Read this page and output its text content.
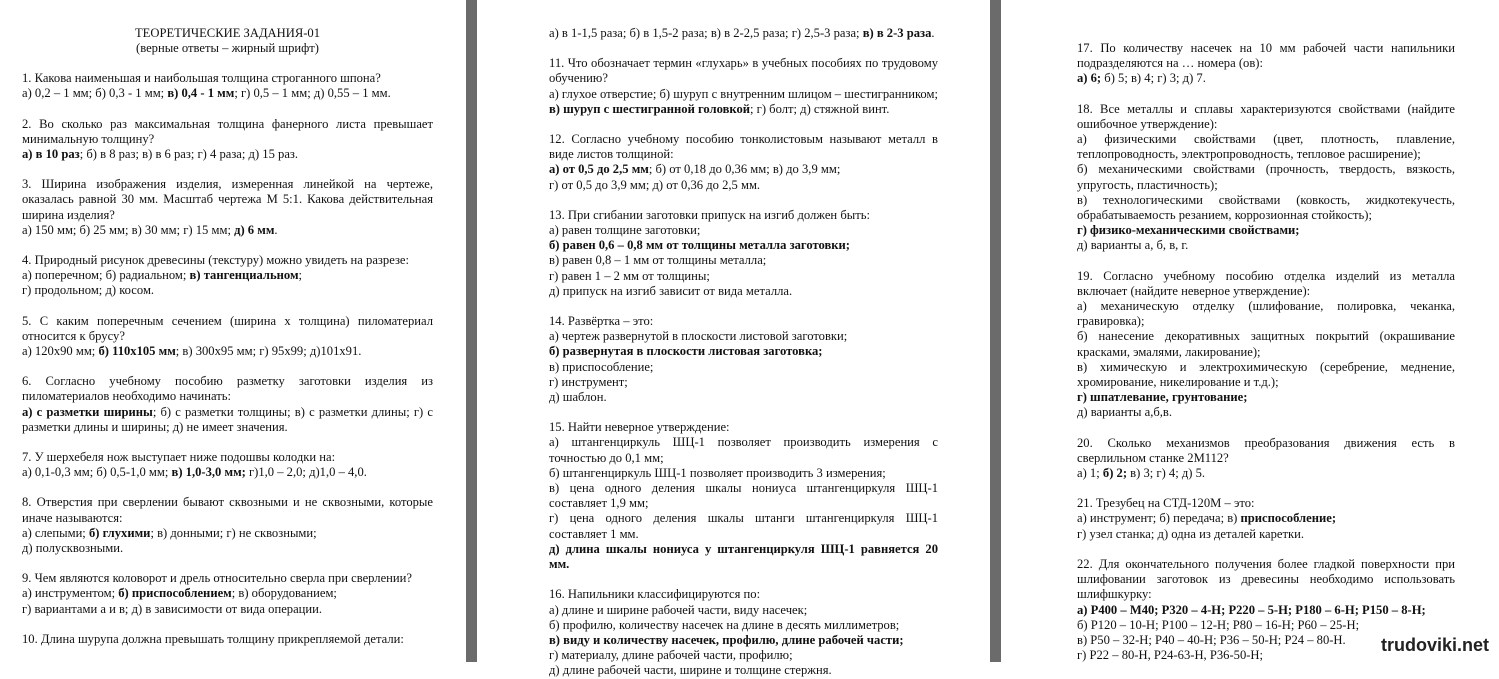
ТЕОРЕТИЧЕСКИЕ ЗАДАНИЯ-01
(верные ответы – жирный шрифт)

1. Какова наименьшая и наибольшая толщина строганного шпона?

а) 0,2 – 1 мм; б) 0,3 - 1 мм; в) 0,4 - 1 мм; г) 0,5 – 1 мм; д) 0,55 – 1 мм.

2. Во сколько раз максимальная толщина фанерного листа превышает минимальную толщину?

а) в 10 раз; б) в 8 раз; в) в 6 раз; г) 4 раза; д) 15 раз.

3. Ширина изображения изделия, измеренная линейкой на чертеже, оказалась равной 30 мм. Масштаб чертежа М 5:1. Какова действительная ширина изделия?

а) 150 мм; б) 25 мм; в) 30 мм; г) 15 мм; д) 6 мм.

4. Природный рисунок древесины (текстуру) можно увидеть на разрезе:

а) поперечном; б) радиальном; в) тангенциальном;

г) продольном; д) косом.

5. С каким поперечным сечением (ширина х толщина) пиломатериал относится к брусу?

а) 120х90 мм; б) 110х105 мм; в) 300х95 мм; г) 95х99; д)101х91.

6. Согласно учебному пособию разметку заготовки изделия из пиломатериалов необходимо начинать:

а) с разметки ширины; б) с разметки толщины; в) с разметки длины; г) с разметки длины и ширины; д) не имеет значения.

7. У шерхебеля нож выступает ниже подошвы колодки на:

а) 0,1-0,3 мм; б) 0,5-1,0 мм; в) 1,0-3,0 мм; г)1,0 – 2,0; д)1,0 – 4,0.

8. Отверстия при сверлении бывают сквозными и не сквозными, которые иначе называются:

а) слепыми; б) глухими; в) донными; г) не сквозными;

д) полусквозными.

9. Чем являются коловорот и дрель относительно сверла при сверлении?

а) инструментом; б) приспособлением; в) оборудованием;

г) вариантами а и в; д) в зависимости от вида операции.

10. Длина шурупа должна превышать толщину прикрепляемой детали:

а) в 1-1,5 раза; б) в 1,5-2 раза; в) в 2-2,5 раза; г) 2,5-3 раза; в) в 2-3 раза.

11. Что обозначает термин «глухарь» в учебных пособиях по трудовому обучению?

а) глухое отверстие; б) шуруп с внутренним шлицом – шестигранником;

в) шуруп с шестигранной головкой; г) болт; д) стяжной винт.

12. Согласно учебному пособию тонколистовым называют металл в виде листов толщиной:

а) от 0,5 до 2,5 мм; б) от 0,18 до 0,36 мм; в) до 3,9 мм;

г) от 0,5 до 3,9 мм; д) от 0,36 до 2,5 мм.

13. При сгибании заготовки припуск на изгиб должен быть:

а) равен толщине заготовки;

б) равен 0,6 – 0,8 мм от толщины металла заготовки;

в) равен 0,8 – 1 мм от толщины металла;

г) равен 1 – 2 мм от толщины;

д) припуск на изгиб зависит от вида металла.

14. Развёртка – это:

а) чертеж развернутой в плоскости листовой заготовки;

б) развернутая в плоскости листовая заготовка;

в) приспособление;

г) инструмент;

д) шаблон.

15. Найти неверное утверждение:

а) штангенциркуль ШЦ-1 позволяет производить измерения с точностью до 0,1 мм;

б) штангенциркуль ШЦ-1 позволяет производить 3 измерения;

в) цена одного деления шкалы нониуса штангенциркуля ШЦ-1 составляет 1,9 мм;

г) цена одного деления шкалы штанги штангенциркуля ШЦ-1 составляет 1 мм.

д) длина шкалы нониуса у штангенциркуля ШЦ-1 равняется 20 мм.

16. Напильники классифицируются по:

а) длине и ширине рабочей части, виду насечек;

б) профилю, количеству насечек на длине в десять миллиметров;

в) виду и количеству насечек, профилю, длине рабочей части;

г) материалу, длине рабочей части, профилю;

д) длине рабочей части, ширине и толщине стержня.

17. По количеству насечек на 10 мм рабочей части напильники подразделяются на … номера (ов):

а) 6; б) 5; в) 4; г) 3; д) 7.

18. Все металлы и сплавы характеризуются свойствами (найдите ошибочное утверждение):

а) физическими свойствами (цвет, плотность, плавление, теплопроводность, электропроводность, тепловое расширение);

б) механическими свойствами (прочность, твердость, вязкость, упругость, пластичность);

в) технологическими свойствами (ковкость, жидкотекучесть, обрабатываемость резанием, коррозионная стойкость);

г) физико-механическими свойствами;

д) варианты а, б, в, г.

19. Согласно учебному пособию отделка изделий из металла включает (найдите неверное утверждение):

а) механическую отделку (шлифование, полировка, чеканка, гравировка);

б) нанесение декоративных защитных покрытий (окрашивание красками, эмалями, лакирование);

в) химическую и электрохимическую (серебрение, меднение, хромирование, никелирование и т.д.);

г) шпатлевание, грунтование;

д) варианты а,б,в.

20. Сколько механизмов преобразования движения есть в сверлильном станке 2М112?

а) 1; б) 2; в) 3; г) 4; д) 5.

21. Трезубец на СТД-120М – это:

а) инструмент; б) передача; в) приспособление;

г) узел станка; д) одна из деталей каретки.

22. Для окончательного получения более гладкой поверхности при шлифовании заготовок из древесины необходимо использовать шлифшкурку:

а) Р400 – М40; Р320 – 4-Н; Р220 – 5-Н; Р180 – 6-Н; Р150 – 8-Н;

б) Р120 – 10-Н; Р100 – 12-Н; Р80 – 16-Н; Р60 – 25-Н;

в) Р50 – 32-Н; Р40 – 40-Н; Р36 – 50-Н; Р24 – 80-Н.

г) Р22 – 80-Н, Р24-63-Н, Р36-50-Н;

trudoviki.net
